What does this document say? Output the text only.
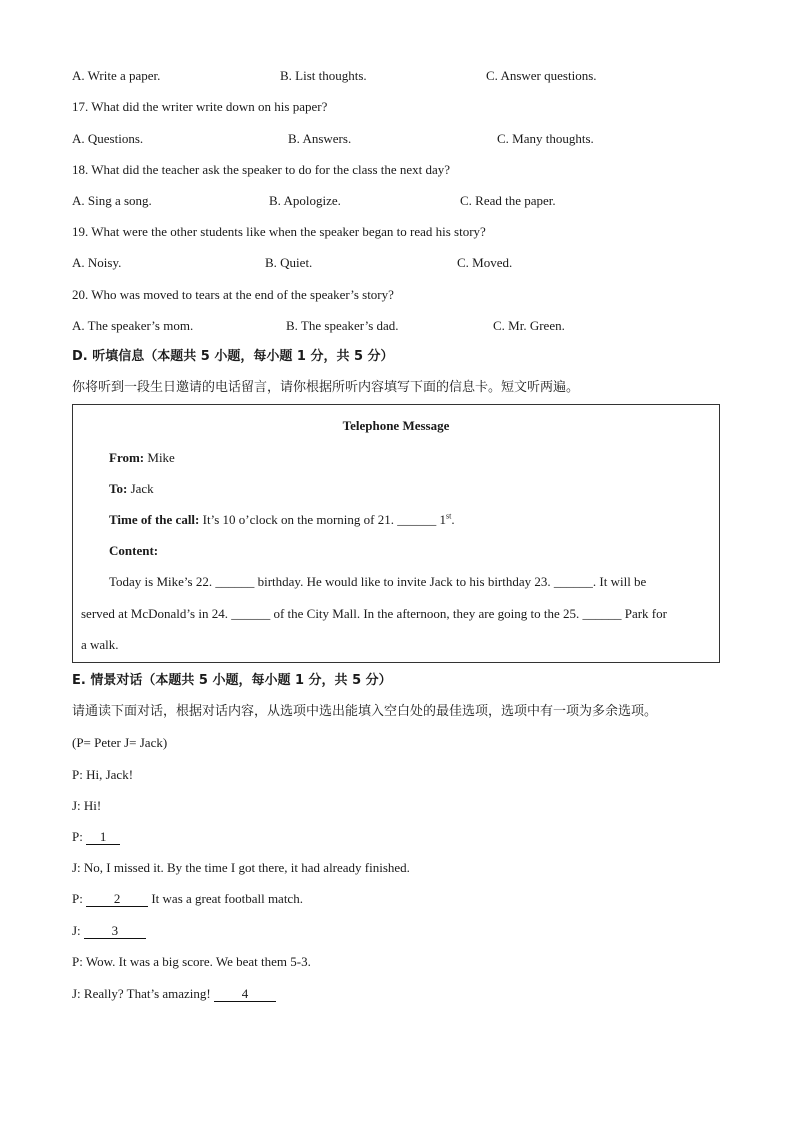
A. Write a paper.	B. List thoughts.	C. Answer questions.
17. What did the writer write down on his paper?
A. Questions.	B. Answers.	C. Many thoughts.
18. What did the teacher ask the speaker to do for the class the next day?
A. Sing a song.	B. Apologize.	C. Read the paper.
19. What were the other students like when the speaker began to read his story?
A. Noisy.	B. Quiet.	C. Moved.
20. Who was moved to tears at the end of the speaker’s story?
A. The speaker’s mom.	B. The speaker’s dad.	C. Mr. Green.
D. 听填信息（本题共 5 小题，每小题 1 分，共 5 分）
你将听到一段生日邀请的电话留言，请你根据所听内容填写下面的信息卡。短文听两遍。
Telephone Message
From: Mike
To: Jack
Time of the call: It’s 10 o’clock on the morning of 21. ______ 1st.
Content:
Today is Mike’s 22. ______ birthday. He would like to invite Jack to his birthday 23. ______. It will be
served at McDonald’s in 24. ______ of the City Mall. In the afternoon, they are going to the 25. ______ Park for
a walk.
E. 情景对话（本题共 5 小题，每小题 1 分，共 5 分）
请通读下面对话，根据对话内容，从选项中选出能填入空白处的最佳选项，选项中有一项为多余选项。
(P= Peter J= Jack)
P: Hi, Jack!
J: Hi!
P: 1
J: No, I missed it. By the time I got there, it had already finished.
P: 2 It was a great football match.
J: 3
P: Wow. It was a big score. We beat them 5-3.
J: Really? That’s amazing! 4
